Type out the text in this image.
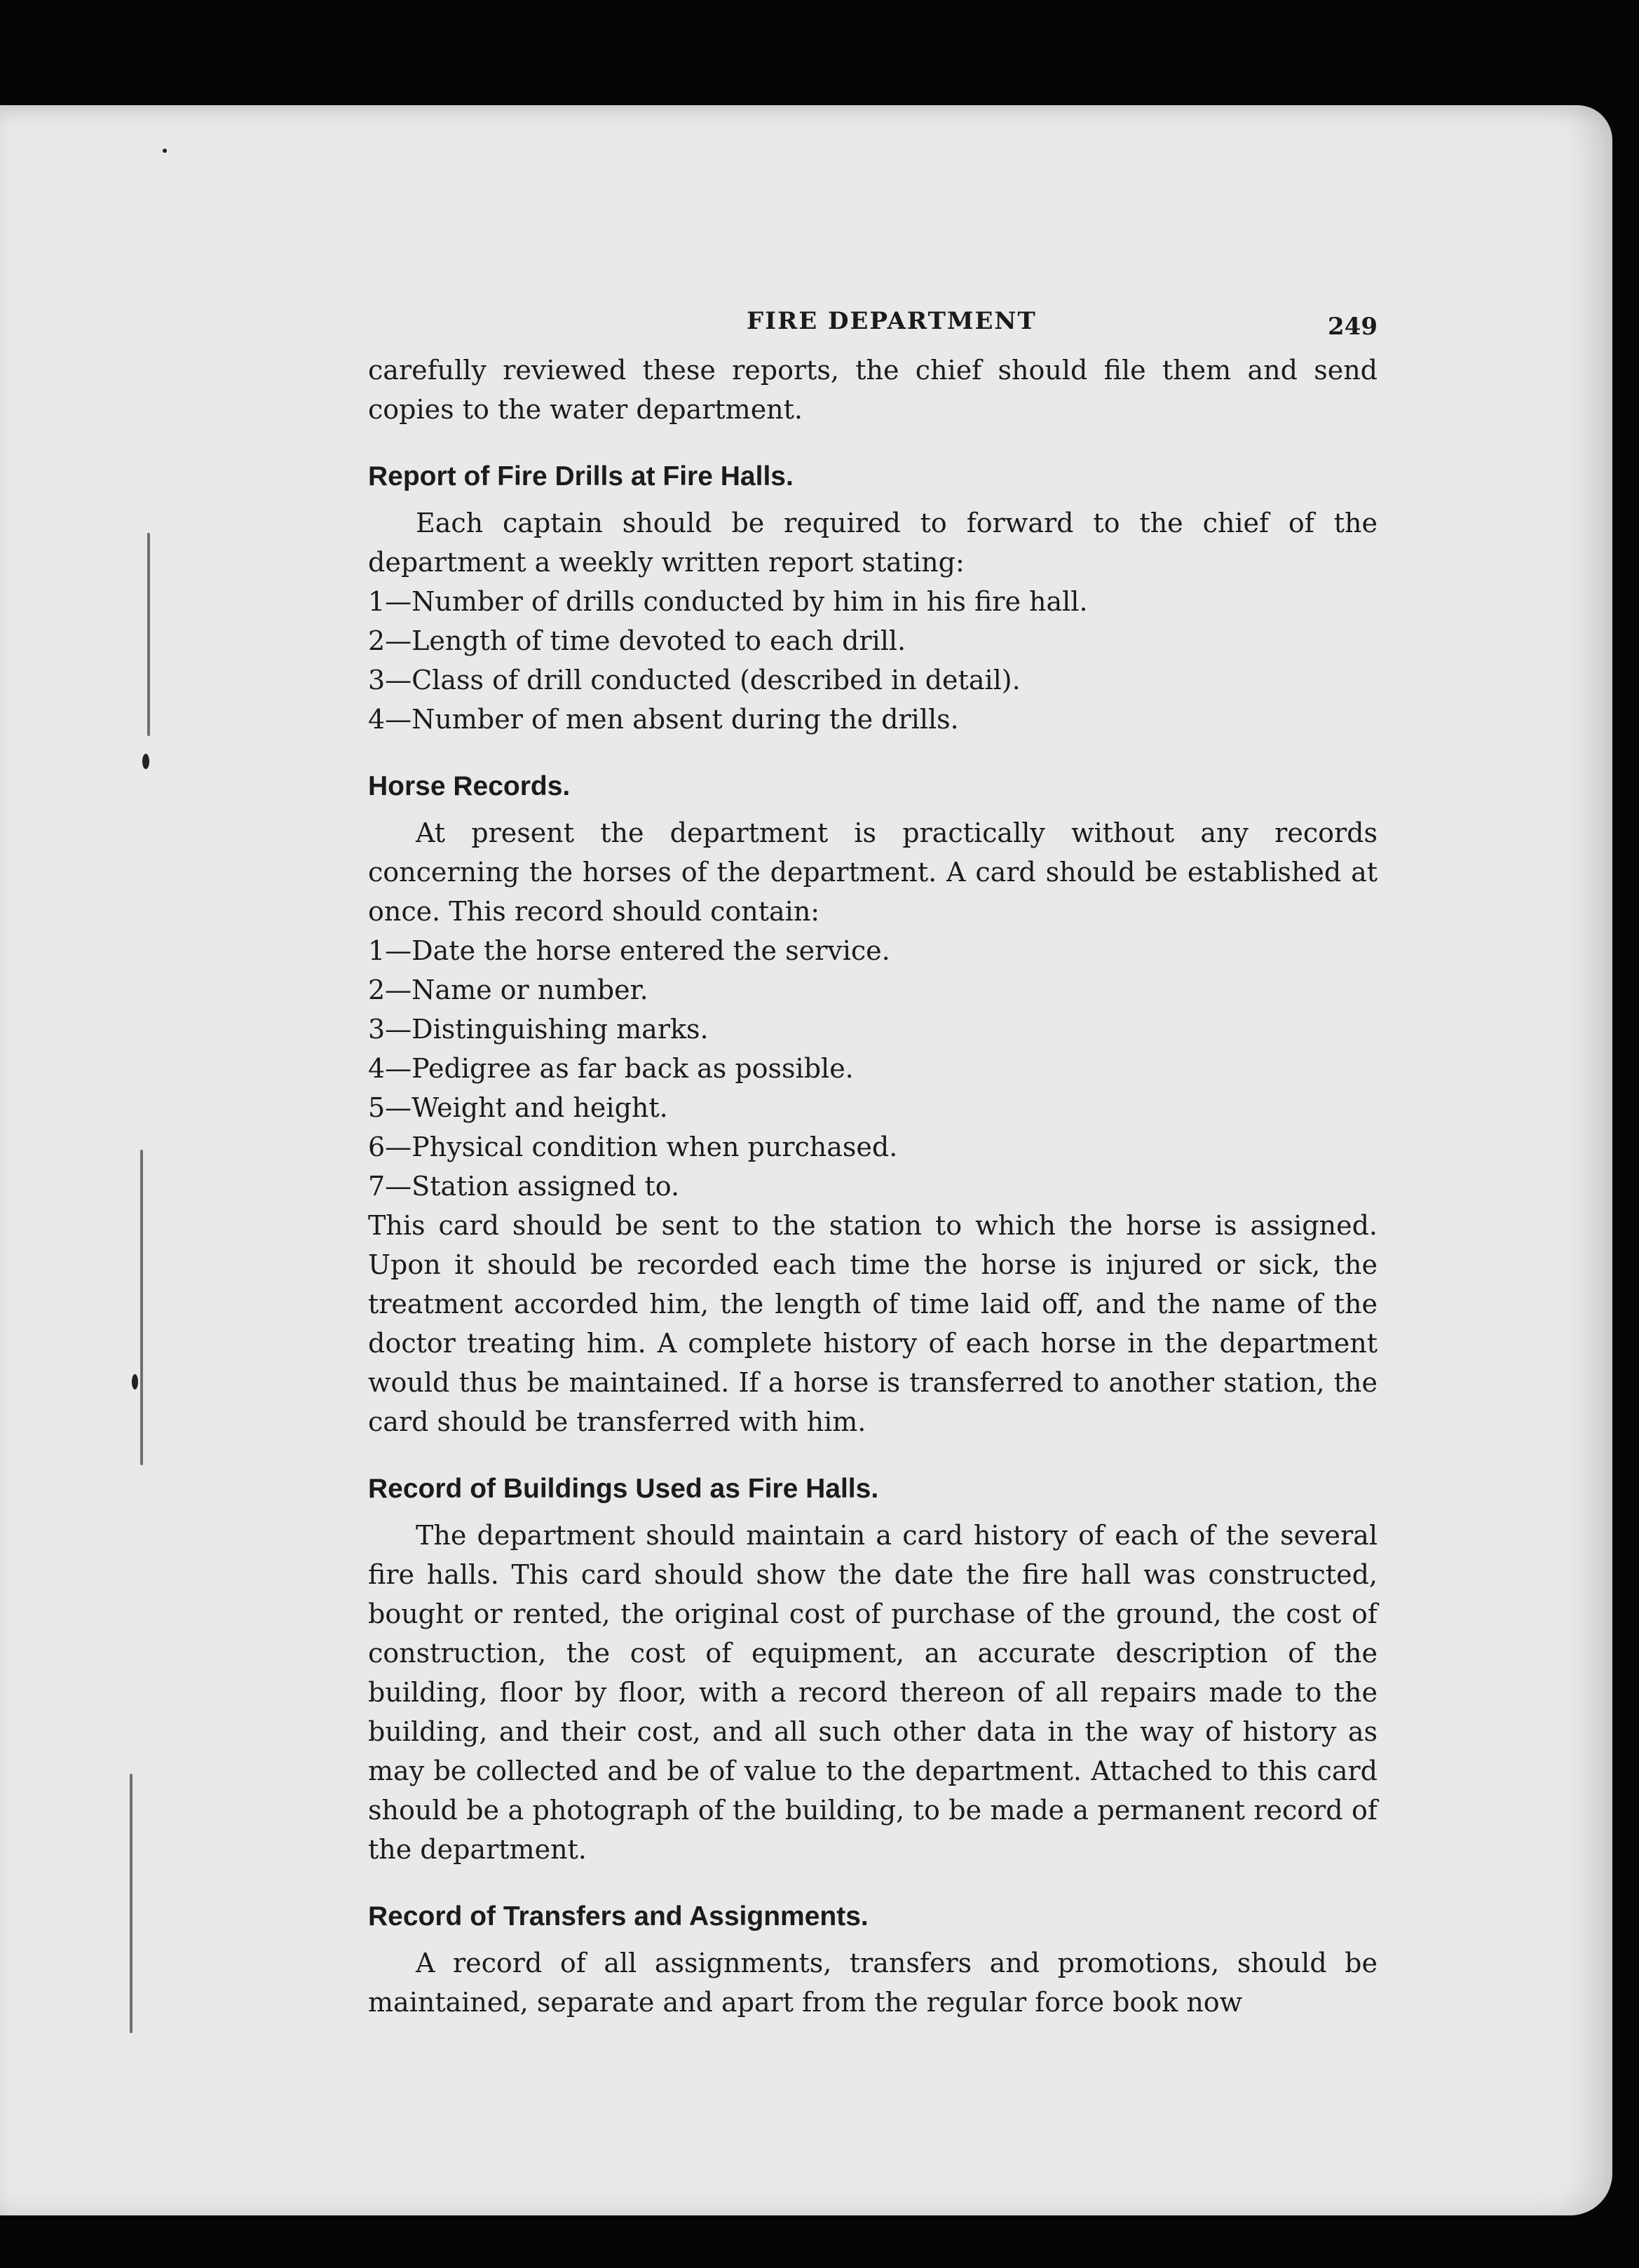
FIRE DEPARTMENT	249

carefully reviewed these reports, the chief should file them and send copies to the water department.

Report of Fire Drills at Fire Halls.

Each captain should be required to forward to the chief of the department a weekly written report stating:

1—Number of drills conducted by him in his fire hall.
2—Length of time devoted to each drill.
3—Class of drill conducted (described in detail).
4—Number of men absent during the drills.
Horse Records.

At present the department is practically without any records concerning the horses of the department. A card should be established at once. This record should contain:

1—Date the horse entered the service.
2—Name or number.
3—Distinguishing marks.
4—Pedigree as far back as possible.
5—Weight and height.
6—Physical condition when purchased.
7—Station assigned to.

This card should be sent to the station to which the horse is assigned. Upon it should be recorded each time the horse is injured or sick, the treatment accorded him, the length of time laid off, and the name of the doctor treating him. A complete history of each horse in the department would thus be maintained. If a horse is transferred to another station, the card should be transferred with him.

Record of Buildings Used as Fire Halls.

The department should maintain a card history of each of the several fire halls. This card should show the date the fire hall was constructed, bought or rented, the original cost of purchase of the ground, the cost of construction, the cost of equipment, an accurate description of the building, floor by floor, with a record thereon of all repairs made to the building, and their cost, and all such other data in the way of history as may be collected and be of value to the department. Attached to this card should be a photograph of the building, to be made a permanent record of the department.

Record of Transfers and Assignments.

A record of all assignments, transfers and promotions, should be maintained, separate and apart from the regular force book now
